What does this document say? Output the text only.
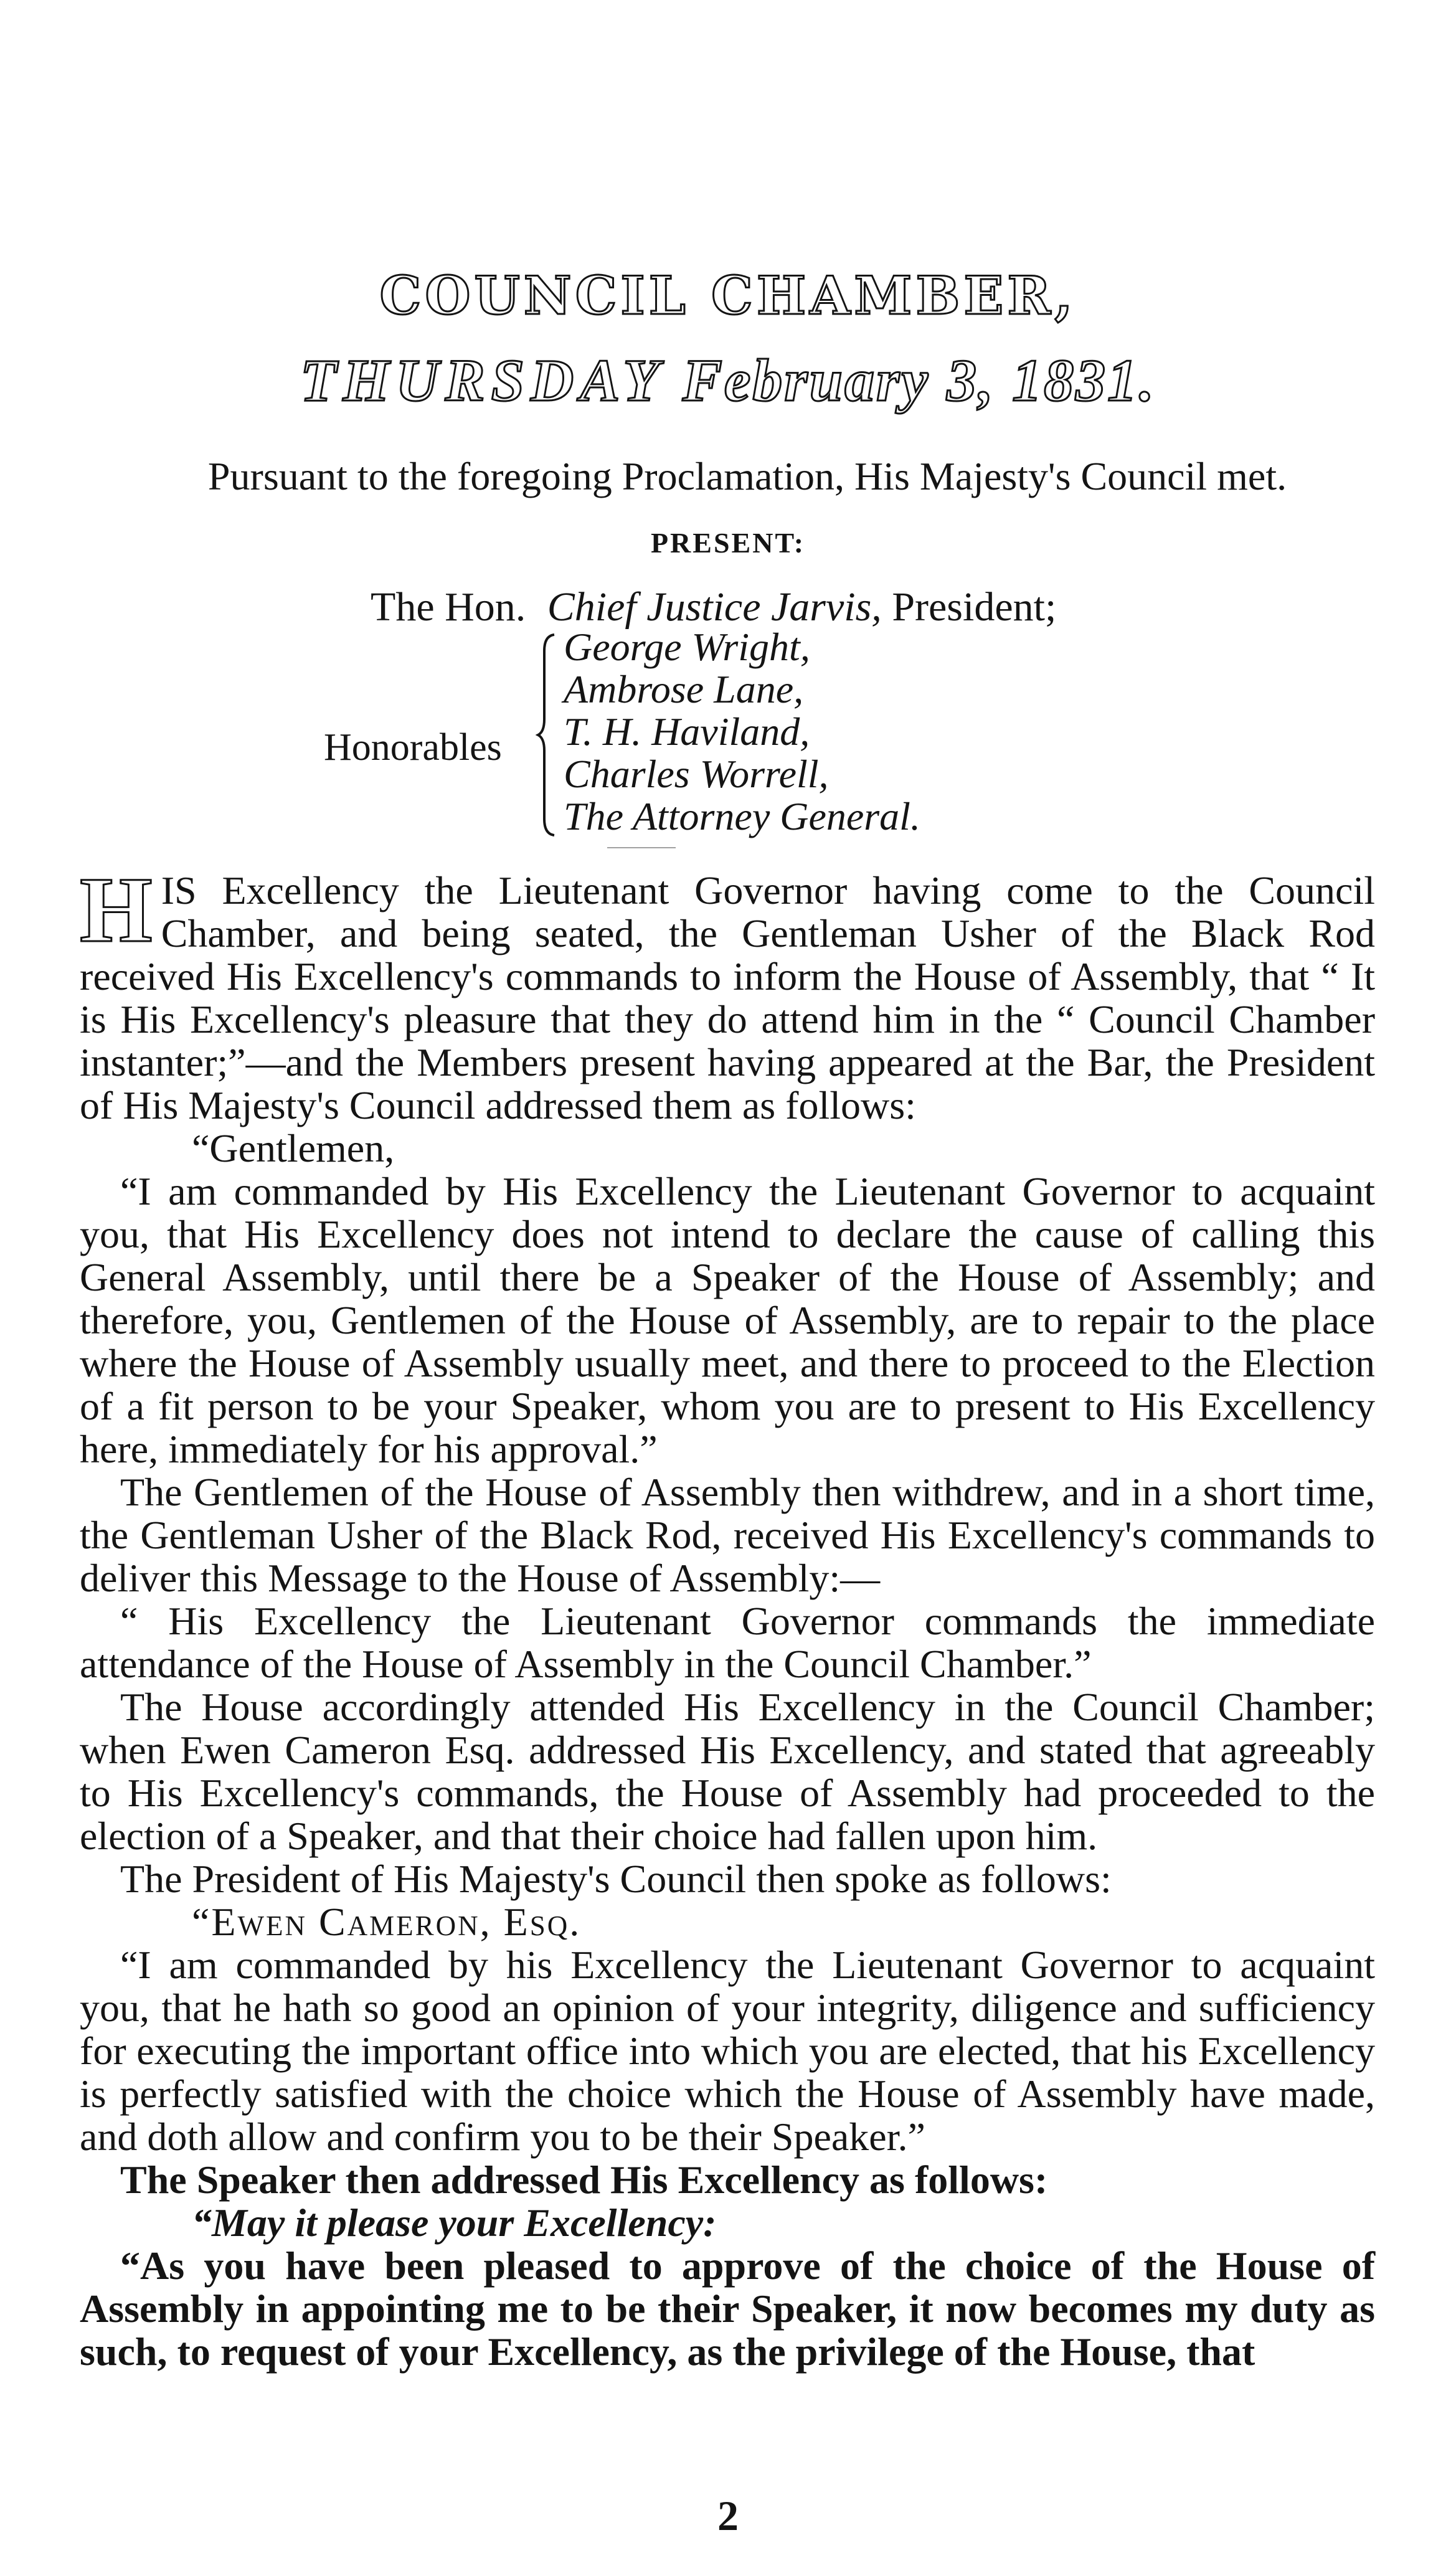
COUNCIL CHAMBER,
THURSDAY February 3, 1831.
Pursuant to the foregoing Proclamation, His Majesty's Council met.
PRESENT:
The Hon. Chief Justice Jarvis, President;
Honorables
George Wright,
Ambrose Lane,
T. H. Haviland,
Charles Worrell,
The Attorney General.

HIS Excellency the Lieutenant Governor having come to the Council Chamber, and being seated, the Gentleman Usher of the Black Rod received His Excellency's commands to inform the House of Assembly, that “ It is His Excellency's pleasure that they do attend him in the “ Council Chamber instanter;”—and the Members present having appeared at the Bar, the President of His Majesty's Council addressed them as follows:

“Gentlemen,

“I am commanded by His Excellency the Lieutenant Governor to acquaint you, that His Excellency does not intend to declare the cause of calling this General Assembly, until there be a Speaker of the House of Assembly; and therefore, you, Gentlemen of the House of Assembly, are to repair to the place where the House of Assembly usually meet, and there to proceed to the Election of a fit person to be your Speaker, whom you are to present to His Excellency here, immediately for his approval.”

The Gentlemen of the House of Assembly then withdrew, and in a short time, the Gentleman Usher of the Black Rod, received His Excellency's commands to deliver this Message to the House of Assembly:—

“ His Excellency the Lieutenant Governor commands the immediate attendance of the House of Assembly in the Council Chamber.”

The House accordingly attended His Excellency in the Council Chamber; when Ewen Cameron Esq. addressed His Excellency, and stated that agreeably to His Excellency's commands, the House of Assembly had proceeded to the election of a Speaker, and that their choice had fallen upon him.

The President of His Majesty's Council then spoke as follows:

“Ewen Cameron, Esq.

“I am commanded by his Excellency the Lieutenant Governor to acquaint you, that he hath so good an opinion of your integrity, diligence and sufficiency for executing the important office into which you are elected, that his Excellency is perfectly satisfied with the choice which the House of Assembly have made, and doth allow and confirm you to be their Speaker.”

The Speaker then addressed His Excellency as follows:

“May it please your Excellency:

“As you have been pleased to approve of the choice of the House of Assembly in appointing me to be their Speaker, it now becomes my duty as such, to request of your Excellency, as the privilege of the House, that

2
